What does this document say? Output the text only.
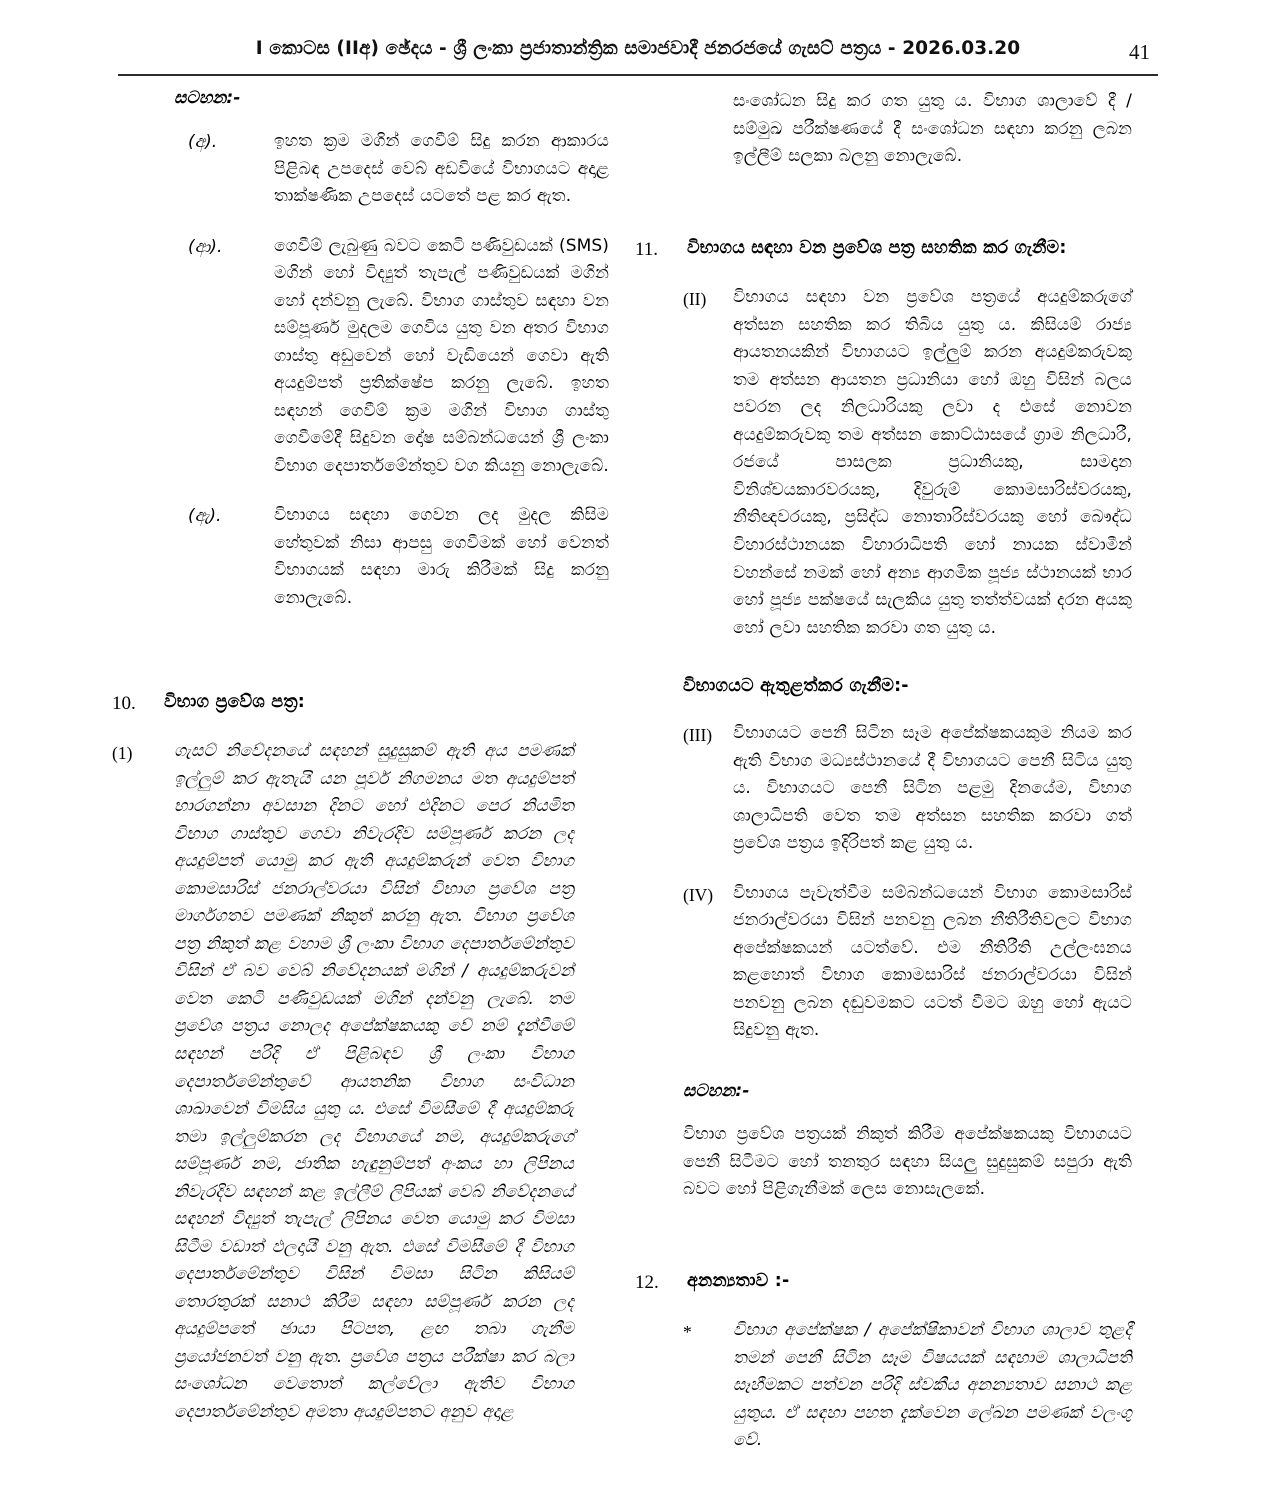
I කොටස (IIඅ) ඡේදය - ශ්‍රී ලංකා ප්‍රජාතාන්ත්‍රික සමාජවාදී ජනරජයේ ගැසට් පත්‍රය - 2026.03.20	41
සටහන:-
(අ).	ඉහත ක්‍රම මගින් ගෙවීම් සිදු කරන ආකාරය පිළිබඳ උපදෙස් වෙබ් අඩවියේ විභාගයට අදාළ තාක්ෂණික උපදෙස් යටතේ පළ කර ඇත.
(ආ).	ගෙවීම් ලැබුණු බවට කෙටි පණිවුඩයක් (SMS) මගින් හෝ විද්‍යුත් තැපැල් පණිවුඩයක් මගින් හෝ දන්වනු ලැබේ. විභාග ගාස්තුව සඳහා වන සම්පූර්ණ මුදලම ගෙවිය යුතු වන අතර විභාග ගාස්තු අඩුවෙන් හෝ වැඩියෙන් ගෙවා ඇති අයදුම්පත් ප්‍රතික්ෂේප කරනු ලැබේ. ඉහත සඳහන් ගෙවීම් ක්‍රම මගින් විභාග ගාස්තු ගෙවීමේදී සිදුවන දෝෂ සම්බන්ධයෙන් ශ්‍රී ලංකා විභාග දෙපාර්තමේන්තුව වග කියනු නොලැබේ.
(ඇ).	විභාගය සඳහා ගෙවන ලද මුදල කිසිම හේතුවක් නිසා ආපසු ගෙවීමක් හෝ වෙනත් විභාගයක් සඳහා මාරු කිරීමක් සිදු කරනු නොලැබේ.
10.	විභාග ප්‍රවේශ පත්‍ර:
(1)	ගැසට් නිවේදනයේ සඳහන් සුදුසුකම් ඇති අය පමණක් ඉල්ලුම් කර ඇතැයි යන පූර්ව නිගමනය මත අයදුම්පත් භාරගන්නා අවසාන දිනට හෝ එදිනට පෙර නියමිත විභාග ගාස්තුව ගෙවා නිවැරදිව සම්පූර්ණ කරන ලද අයදුම්පත් යොමු කර ඇති අයදුම්කරුන් වෙත විභාග කොමසාරිස් ජනරාල්වරයා විසින් විභාග ප්‍රවේශ පත්‍ර මාර්ගගතව පමණක් නිකුත් කරනු ඇත. විභාග ප්‍රවේශ පත්‍ර නිකුත් කළ වහාම ශ්‍රී ලංකා විභාග දෙපාර්තමේන්තුව විසින් ඒ බව වෙබ් නිවේදනයක් මගින් / අයදුම්කරුවන් වෙත කෙටි පණිවුඩයක් මගින් දන්වනු ලැබේ. තම ප්‍රවේශ පත්‍රය නොලද අපේක්ෂකයකු වේ නම් දැන්වීමේ සඳහන් පරිදි ඒ පිළිබඳව ශ්‍රී ලංකා විභාග දෙපාර්තමේන්තුවේ ආයතනික විභාග සංවිධාන ශාඛාවෙන් විමසිය යුතු ය. එසේ විමසීමේ දී අයදුම්කරු තමා ඉල්ලුම්කරන ලද විභාගයේ නම, අයදුම්කරුගේ සම්පූර්ණ නම, ජාතික හැඳුනුම්පත් අංකය හා ලිපිනය නිවැරදිව සඳහන් කළ ඉල්ලීම් ලිපියක් වෙබ් නිවේදනයේ සඳහන් විද්‍යුත් තැපැල් ලිපිනය වෙත යොමු කර විමසා සිටීම වඩාත් ඵලදායී වනු ඇත. එසේ විමසීමේ දී විභාග දෙපාර්තමේන්තුව විසින් විමසා සිටින කිසියම් තොරතුරක් සනාථ කිරීම සඳහා සම්පූර්ණ කරන ලද අයදුම්පතේ ඡායා පිටපත, ළඟ තබා ගැනීම ප්‍රයෝජනවත් වනු ඇත. ප්‍රවේශ පත්‍රය පරීක්ෂා කර බලා සංශෝධන වෙතොත් කල්වේලා ඇතිව විභාග දෙපාර්තමේන්තුව අමතා අයදුම්පතට අනුව අදාළ
සංශෝධන සිදු කර ගත යුතු ය. විභාග ශාලාවේ දී / සම්මුඛ පරීක්ෂණයේ දී සංශෝධන සඳහා කරනු ලබන ඉල්ලීම් සලකා බලනු නොලැබේ.
11.	විභාගය සඳහා වන ප්‍රවේශ පත්‍ර සහතික කර ගැනීම:
(II)	විභාගය සඳහා වන ප්‍රවේශ පත්‍රයේ අයදුම්කරුගේ අත්සන සහතික කර තිබිය යුතු ය. කිසියම් රාජ්‍ය ආයතනයකින් විභාගයට ඉල්ලුම් කරන අයදුම්කරුවකු තම අත්සන ආයතන ප්‍රධානියා හෝ ඔහු විසින් බලය පවරන ලද නිලධාරියකු ලවා ද එසේ නොවන අයදුම්කරුවකු තම අත්සන කොට්ඨාසයේ ග්‍රාම නිලධාරී, රජයේ පාසලක ප්‍රධානියකු, සාමදාන විනිශ්චයකාරවරයකු, දිවුරුම් කොමසාරිස්වරයකු, නීතිඥවරයකු, ප්‍රසිද්ධ නොතාරිස්වරයකු හෝ බෞද්ධ විහාරස්ථානයක විහාරාධිපති හෝ නායක ස්වාමීන් වහන්සේ නමක් හෝ අන්‍ය ආගමික පූජ්‍ය ස්ථානයක් භාර හෝ පූජ්‍ය පක්ෂයේ සැලකිය යුතු තත්ත්වයක් දරන අයකු හෝ ලවා සහතික කරවා ගත යුතු ය.
විභාගයට ඇතුළත්කර ගැනීම:-
(III)	විභාගයට පෙනී සිටින සෑම අපේක්ෂකයකුම නියම කර ඇති විභාග මධ්‍යස්ථානයේ දී විභාගයට පෙනී සිටිය යුතු ය. විභාගයට පෙනී සිටින පළමු දිනයේම, විභාග ශාලාධිපති වෙත තම අත්සන සහතික කරවා ගත් ප්‍රවේශ පත්‍රය ඉදිරිපත් කළ යුතු ය.
(IV)	විභාගය පැවැත්වීම සම්බන්ධයෙන් විභාග කොමසාරිස් ජනරාල්වරයා විසින් පනවනු ලබන නීතිරීතිවලට විභාග අපේක්ෂකයන් යටත්වේ. එම නීතිරීති උල්ලංඝනය කළහොත් විභාග කොමසාරිස් ජනරාල්වරයා විසින් පනවනු ලබන දඬුවමකට යටත් වීමට ඔහු හෝ ඇයට සිදුවනු ඇත.
සටහන:-
විභාග ප්‍රවේශ පත්‍රයක් නිකුත් කිරීම අපේක්ෂකයකු විභාගයට පෙනී සිටීමට හෝ තනතුර සඳහා සියලු සුදුසුකම් සපුරා ඇති බවට හෝ පිළිගැනීමක් ලෙස නොසැලකේ.
12.	අනන්‍යතාව :-
*	විභාග අපේක්ෂක / අපේක්ෂිකාවන් විභාග ශාලාව තුළදී තමන් පෙනී සිටින සෑම විෂයයක් සඳහාම ශාලාධිපති සෑහීමකට පත්වන පරිදි ස්වකීය අනන්‍යතාව සනාථ කළ යුතුය. ඒ සඳහා පහත දැක්වෙන ලේඛන පමණක් වලංගු වේ.
